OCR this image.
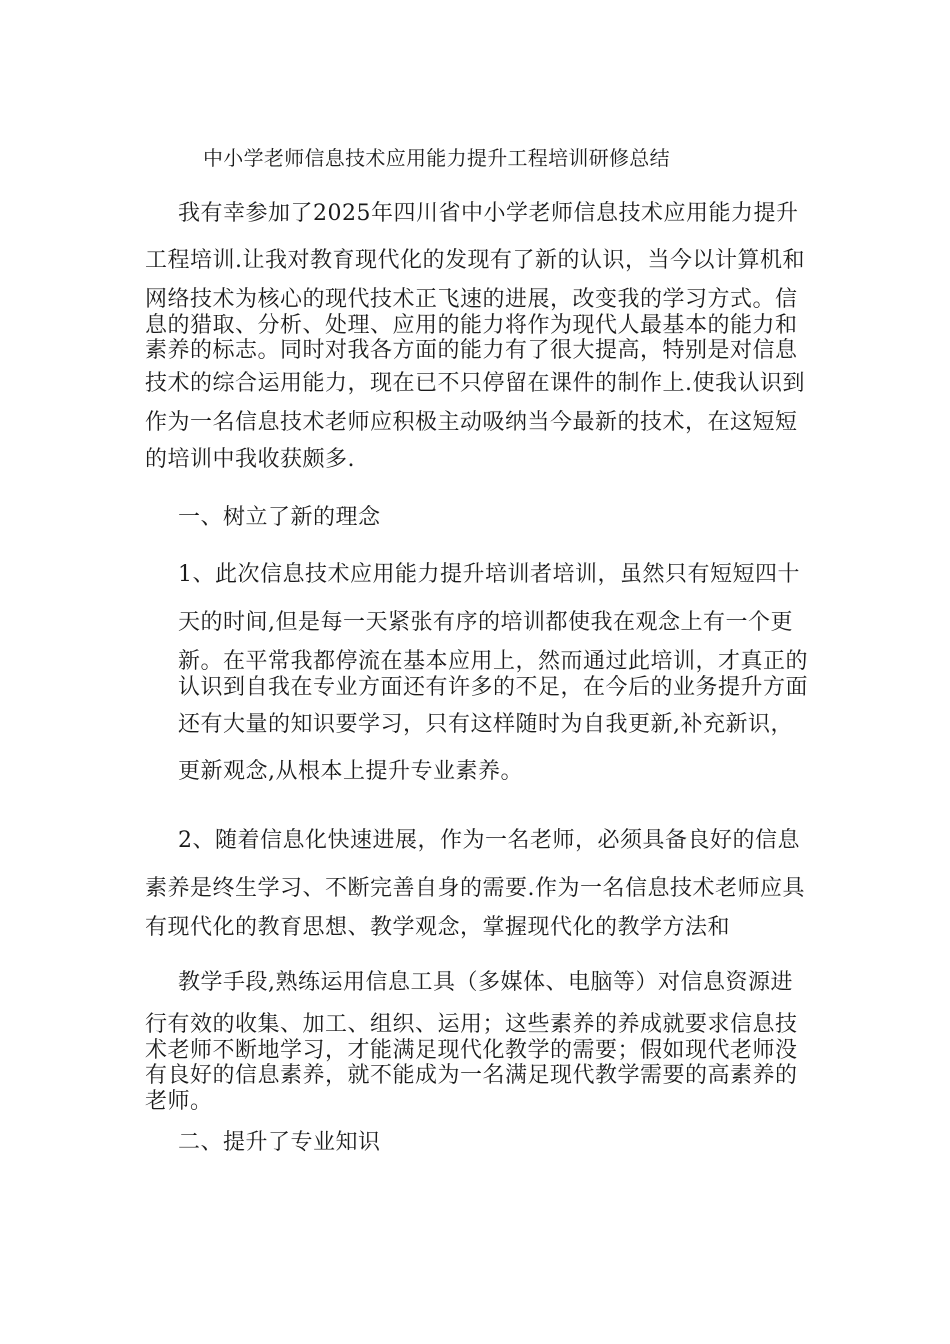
中小学老师信息技术应用能力提升工程培训研修总结
我有幸参加了2025年四川省中小学老师信息技术应用能力提升
工程培训.让我对教育现代化的发现有了新的认识，当今以计算机和
网络技术为核心的现代技术正飞速的进展，改变我的学习方式。信
息的猎取、分析、处理、应用的能力将作为现代人最基本的能力和
素养的标志。同时对我各方面的能力有了很大提高，特别是对信息
技术的综合运用能力，现在已不只停留在课件的制作上.使我认识到
作为一名信息技术老师应积极主动吸纳当今最新的技术，在这短短
的培训中我收获颇多.
一、树立了新的理念
1、此次信息技术应用能力提升培训者培训，虽然只有短短四十
天的时间,但是每一天紧张有序的培训都使我在观念上有一个更
新。在平常我都停流在基本应用上，然而通过此培训，才真正的
认识到自我在专业方面还有许多的不足，在今后的业务提升方面
还有大量的知识要学习，只有这样随时为自我更新,补充新识，
更新观念,从根本上提升专业素养。
2、随着信息化快速进展，作为一名老师，必须具备良好的信息
素养是终生学习、不断完善自身的需要.作为一名信息技术老师应具
有现代化的教育思想、教学观念，掌握现代化的教学方法和
教学手段,熟练运用信息工具（多媒体、电脑等）对信息资源进
行有效的收集、加工、组织、运用；这些素养的养成就要求信息技
术老师不断地学习，才能满足现代化教学的需要；假如现代老师没
有良好的信息素养，就不能成为一名满足现代教学需要的高素养的
老师。
二、提升了专业知识
